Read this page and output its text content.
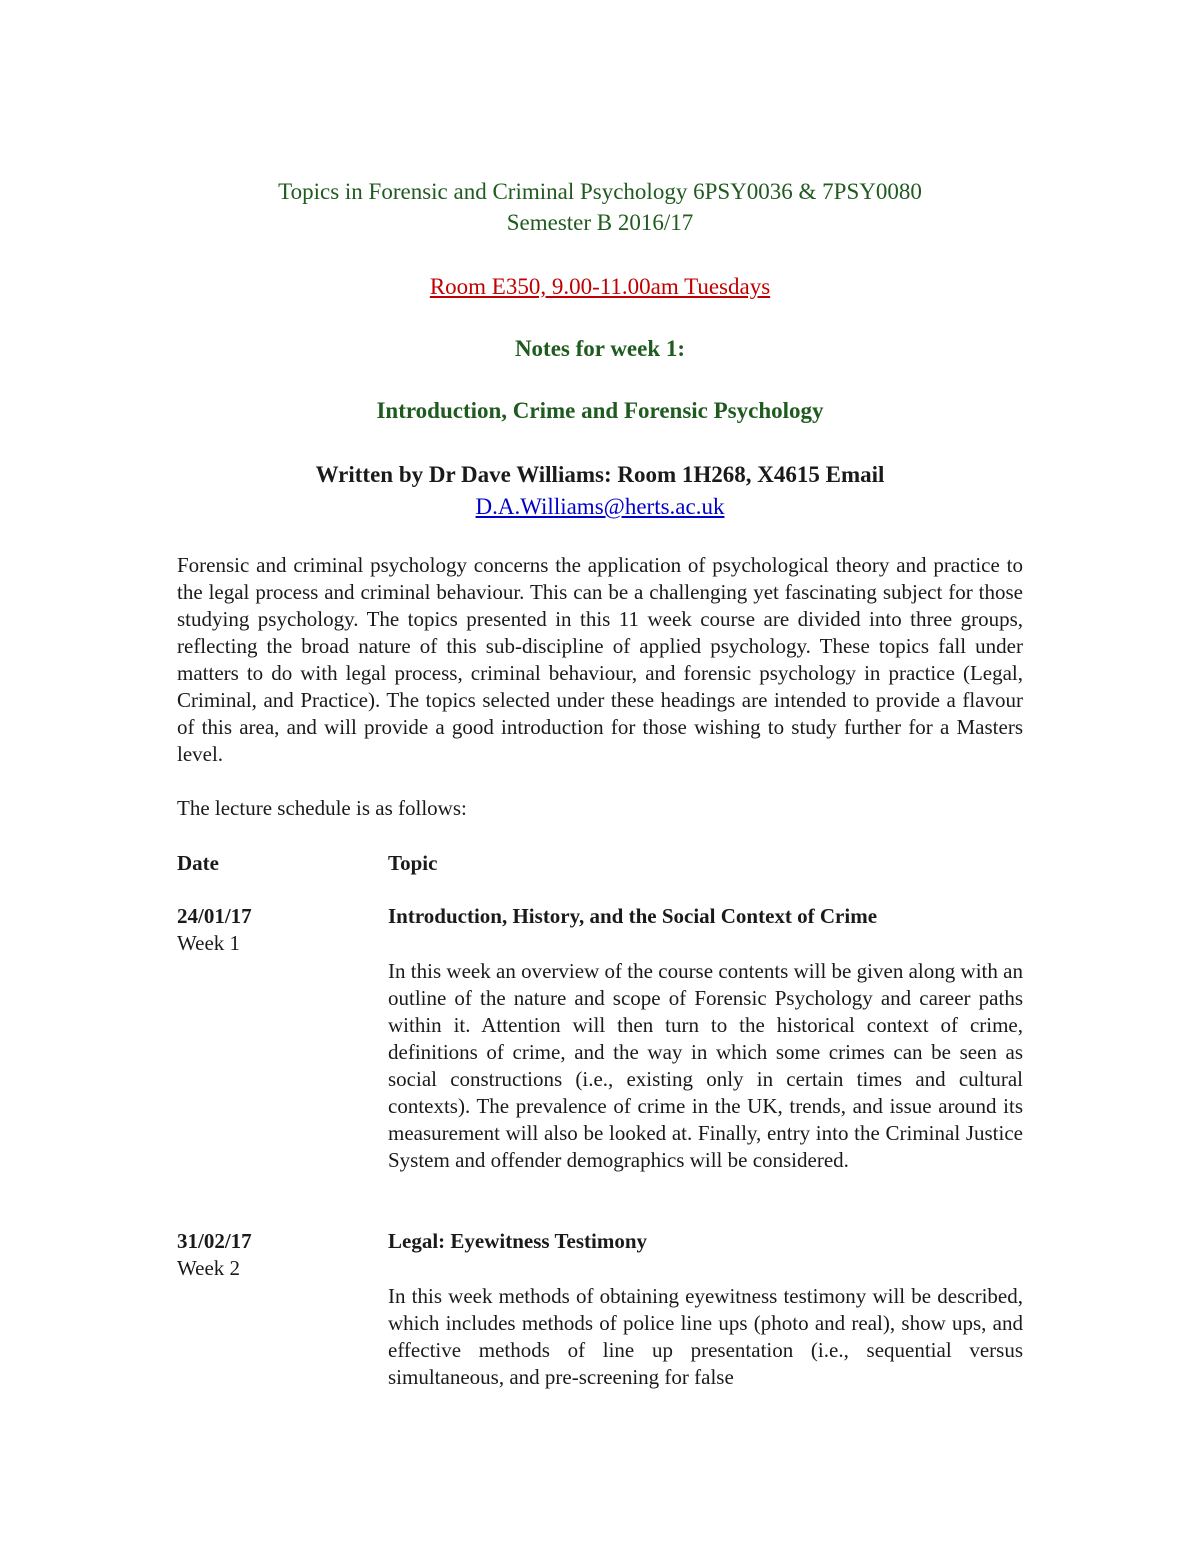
Topics in Forensic and Criminal Psychology 6PSY0036 & 7PSY0080
Semester B 2016/17
Room E350, 9.00-11.00am Tuesdays
Notes for week 1:
Introduction, Crime and Forensic Psychology
Written by Dr Dave Williams: Room 1H268, X4615 Email
D.A.Williams@herts.ac.uk
Forensic and criminal psychology concerns the application of psychological theory and practice to the legal process and criminal behaviour. This can be a challenging yet fascinating subject for those studying psychology. The topics presented in this 11 week course are divided into three groups, reflecting the broad nature of this sub-discipline of applied psychology. These topics fall under matters to do with legal process, criminal behaviour, and forensic psychology in practice (Legal, Criminal, and Practice). The topics selected under these headings are intended to provide a flavour of this area, and will provide a good introduction for those wishing to study further for a Masters level.
The lecture schedule is as follows:
Date	Topic
24/01/17
Week 1
Introduction, History, and the Social Context of Crime
In this week an overview of the course contents will be given along with an outline of the nature and scope of Forensic Psychology and career paths within it. Attention will then turn to the historical context of crime, definitions of crime, and the way in which some crimes can be seen as social constructions (i.e., existing only in certain times and cultural contexts). The prevalence of crime in the UK, trends, and issue around its measurement will also be looked at. Finally, entry into the Criminal Justice System and offender demographics will be considered.
31/02/17
Week 2
Legal: Eyewitness Testimony
In this week methods of obtaining eyewitness testimony will be described, which includes methods of police line ups (photo and real), show ups, and effective methods of line up presentation (i.e., sequential versus simultaneous, and pre-screening for false
